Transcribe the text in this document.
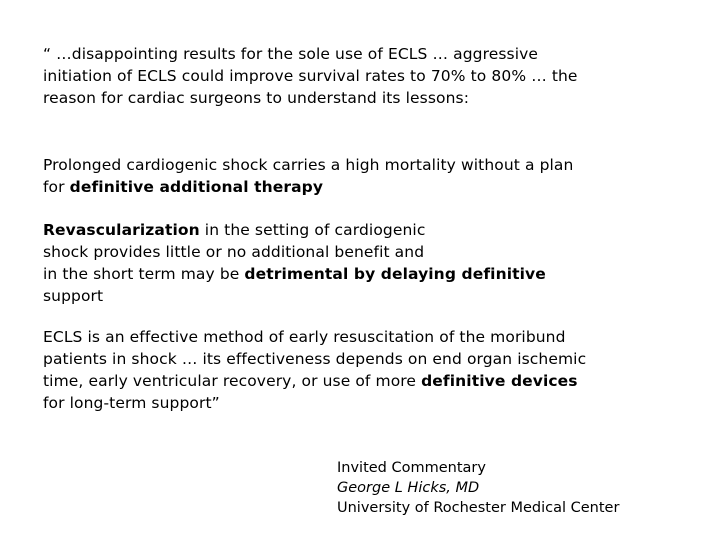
“ …disappointing results for the sole use of ECLS … aggressive
initiation of ECLS could improve survival rates to 70% to 80% … the
reason for cardiac surgeons to understand its lessons:

Prolonged cardiogenic shock carries a high mortality without a plan
for definitive additional therapy

Revascularization in the setting of cardiogenic
shock provides little or no additional benefit and
in the short term may be detrimental by delaying definitive
support

ECLS is an effective method of early resuscitation of the moribund
patients in shock … its effectiveness depends on end organ ischemic
time, early ventricular recovery, or use of more definitive devices
for long-term support”

Invited Commentary
George L Hicks, MD
University of Rochester Medical Center
